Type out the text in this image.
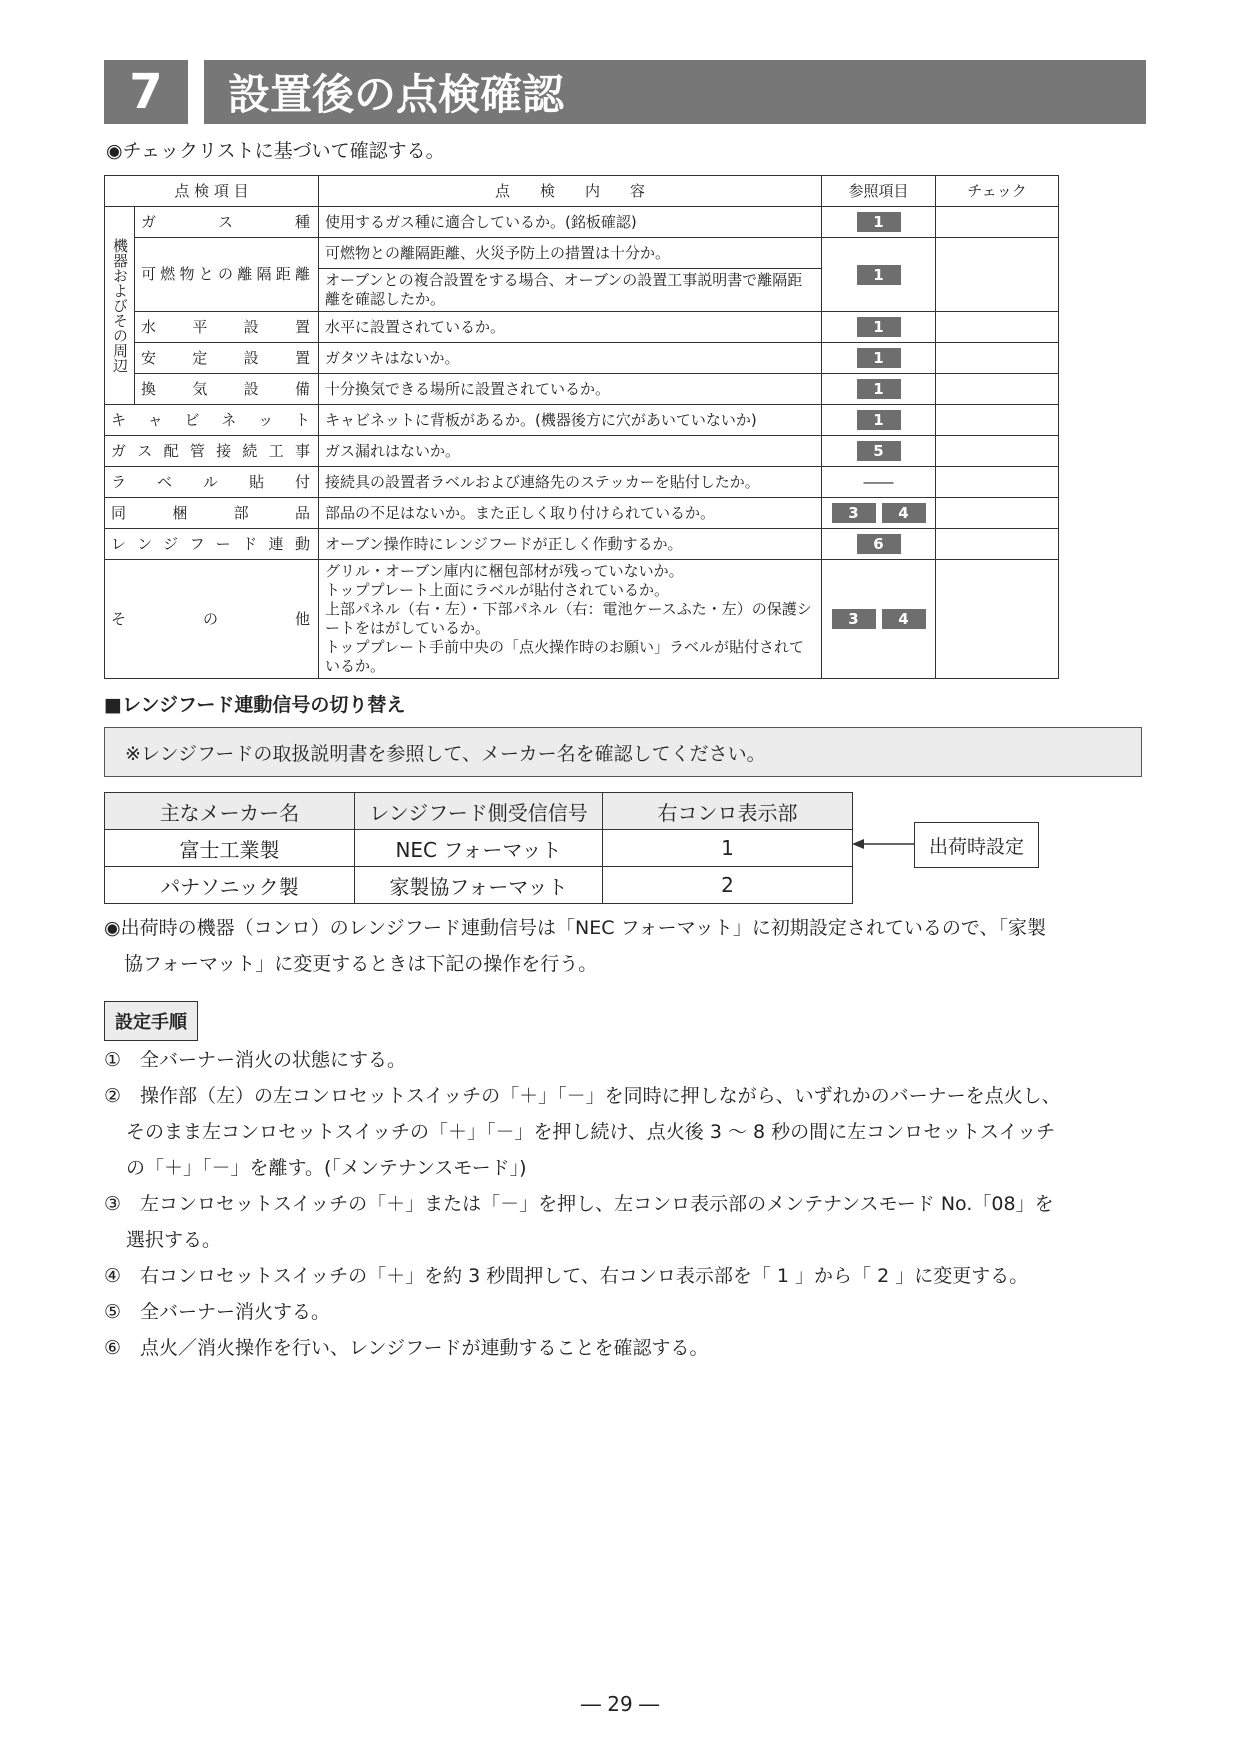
7	設置後の点検確認
◉チェックリストに基づいて確認する。
点 検 項 目		点　　検　　内　　容	参照項目	チェック
機器およびその周辺	ガ ス 種	使用するガス種に適合しているか。(銘板確認)	1	
	可燃物との離隔距離	可燃物との離隔距離、火災予防上の措置は十分か。	1	
		オーブンとの複合設置をする場合、オーブンの設置工事説明書で離隔距離を確認したか。		
	水 平 設 置	水平に設置されているか。	1	
	安 定 設 置	ガタツキはないか。	1	
	換 気 設 備	十分換気できる場所に設置されているか。	1	
キャビネット		キャビネットに背板があるか。(機器後方に穴があいていないか)	1	
ガス配管接続工事		ガス漏れはないか。	5	
ラベル貼付		接続具の設置者ラベルおよび連絡先のステッカーを貼付したか。	――	
同 梱 部 品		部品の不足はないか。また正しく取り付けられているか。	3 4	
レンジフード連動		オーブン操作時にレンジフードが正しく作動するか。	6	
そ の 他		グリル・オーブン庫内に梱包部材が残っていないか。
トッププレート上面にラベルが貼付されているか。
上部パネル（右・左）・下部パネル（右：電池ケースふた・左）の保護シートをはがしているか。
トッププレート手前中央の「点火操作時のお願い」ラベルが貼付されているか。	3 4	
■レンジフード連動信号の切り替え
※レンジフードの取扱説明書を参照して、メーカー名を確認してください。
主なメーカー名	レンジフード側受信信号	右コンロ表示部
富士工業製	NEC フォーマット	1
パナソニック製	家製協フォーマット	2
出荷時設定
◉出荷時の機器（コンロ）のレンジフード連動信号は「NEC フォーマット」に初期設定されているので、「家製
協フォーマット」に変更するときは下記の操作を行う。
設定手順
①　全バーナー消火の状態にする。
②　操作部（左）の左コンロセットスイッチの「＋」「－」を同時に押しながら、いずれかのバーナーを点火し、
そのまま左コンロセットスイッチの「＋」「－」を押し続け、点火後 3 ～ 8 秒の間に左コンロセットスイッチ
の「＋」「－」を離す。(「メンテナンスモード」)
③　左コンロセットスイッチの「＋」または「－」を押し、左コンロ表示部のメンテナンスモード No.「08」を
選択する。
④　右コンロセットスイッチの「＋」を約 3 秒間押して、右コンロ表示部を「 1 」から「 2 」に変更する。
⑤　全バーナー消火する。
⑥　点火／消火操作を行い、レンジフードが連動することを確認する。
― 29 ―
